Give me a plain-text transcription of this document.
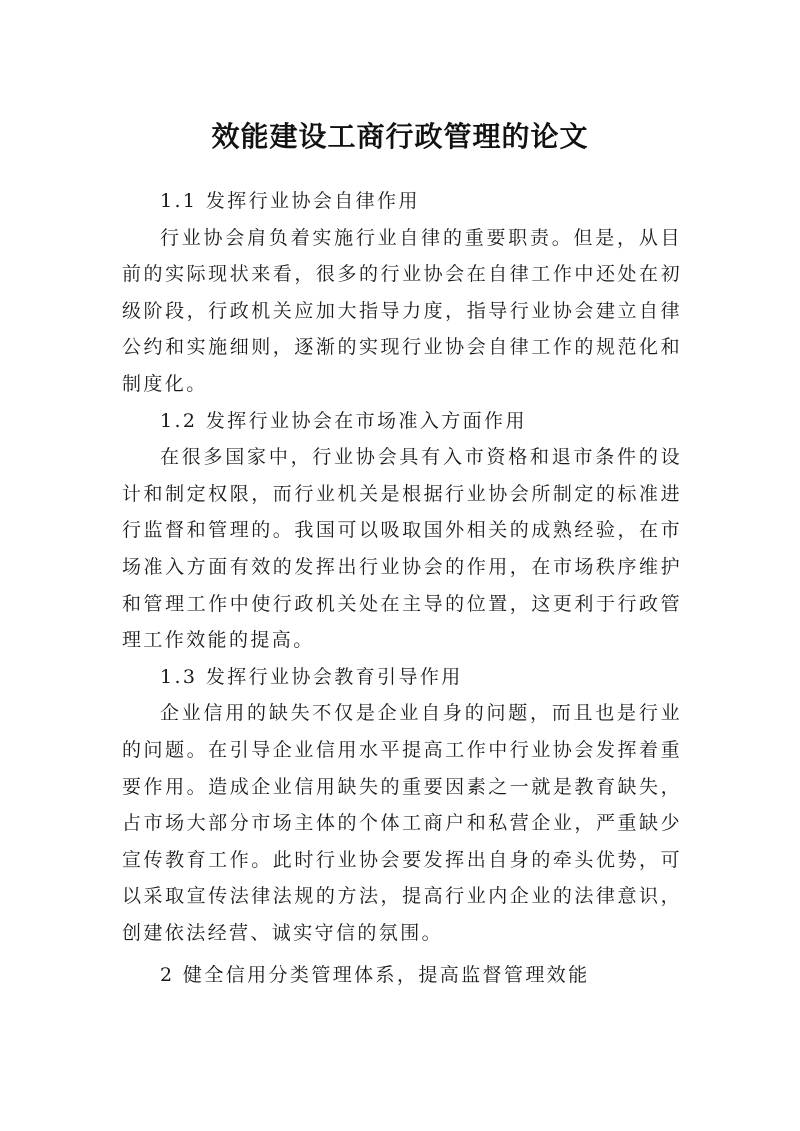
效能建设工商行政管理的论文

1.1 发挥行业协会自律作用

行业协会肩负着实施行业自律的重要职责。但是，从目前的实际现状来看，很多的行业协会在自律工作中还处在初级阶段，行政机关应加大指导力度，指导行业协会建立自律公约和实施细则，逐渐的实现行业协会自律工作的规范化和制度化。

1.2 发挥行业协会在市场准入方面作用

在很多国家中，行业协会具有入市资格和退市条件的设计和制定权限，而行业机关是根据行业协会所制定的标准进行监督和管理的。我国可以吸取国外相关的成熟经验，在市场准入方面有效的发挥出行业协会的作用，在市场秩序维护和管理工作中使行政机关处在主导的位置，这更利于行政管理工作效能的提高。

1.3 发挥行业协会教育引导作用

企业信用的缺失不仅是企业自身的问题，而且也是行业的问题。在引导企业信用水平提高工作中行业协会发挥着重要作用。造成企业信用缺失的重要因素之一就是教育缺失，占市场大部分市场主体的个体工商户和私营企业，严重缺少宣传教育工作。此时行业协会要发挥出自身的牵头优势，可以采取宣传法律法规的方法，提高行业内企业的法律意识，创建依法经营、诚实守信的氛围。

2 健全信用分类管理体系，提高监督管理效能
